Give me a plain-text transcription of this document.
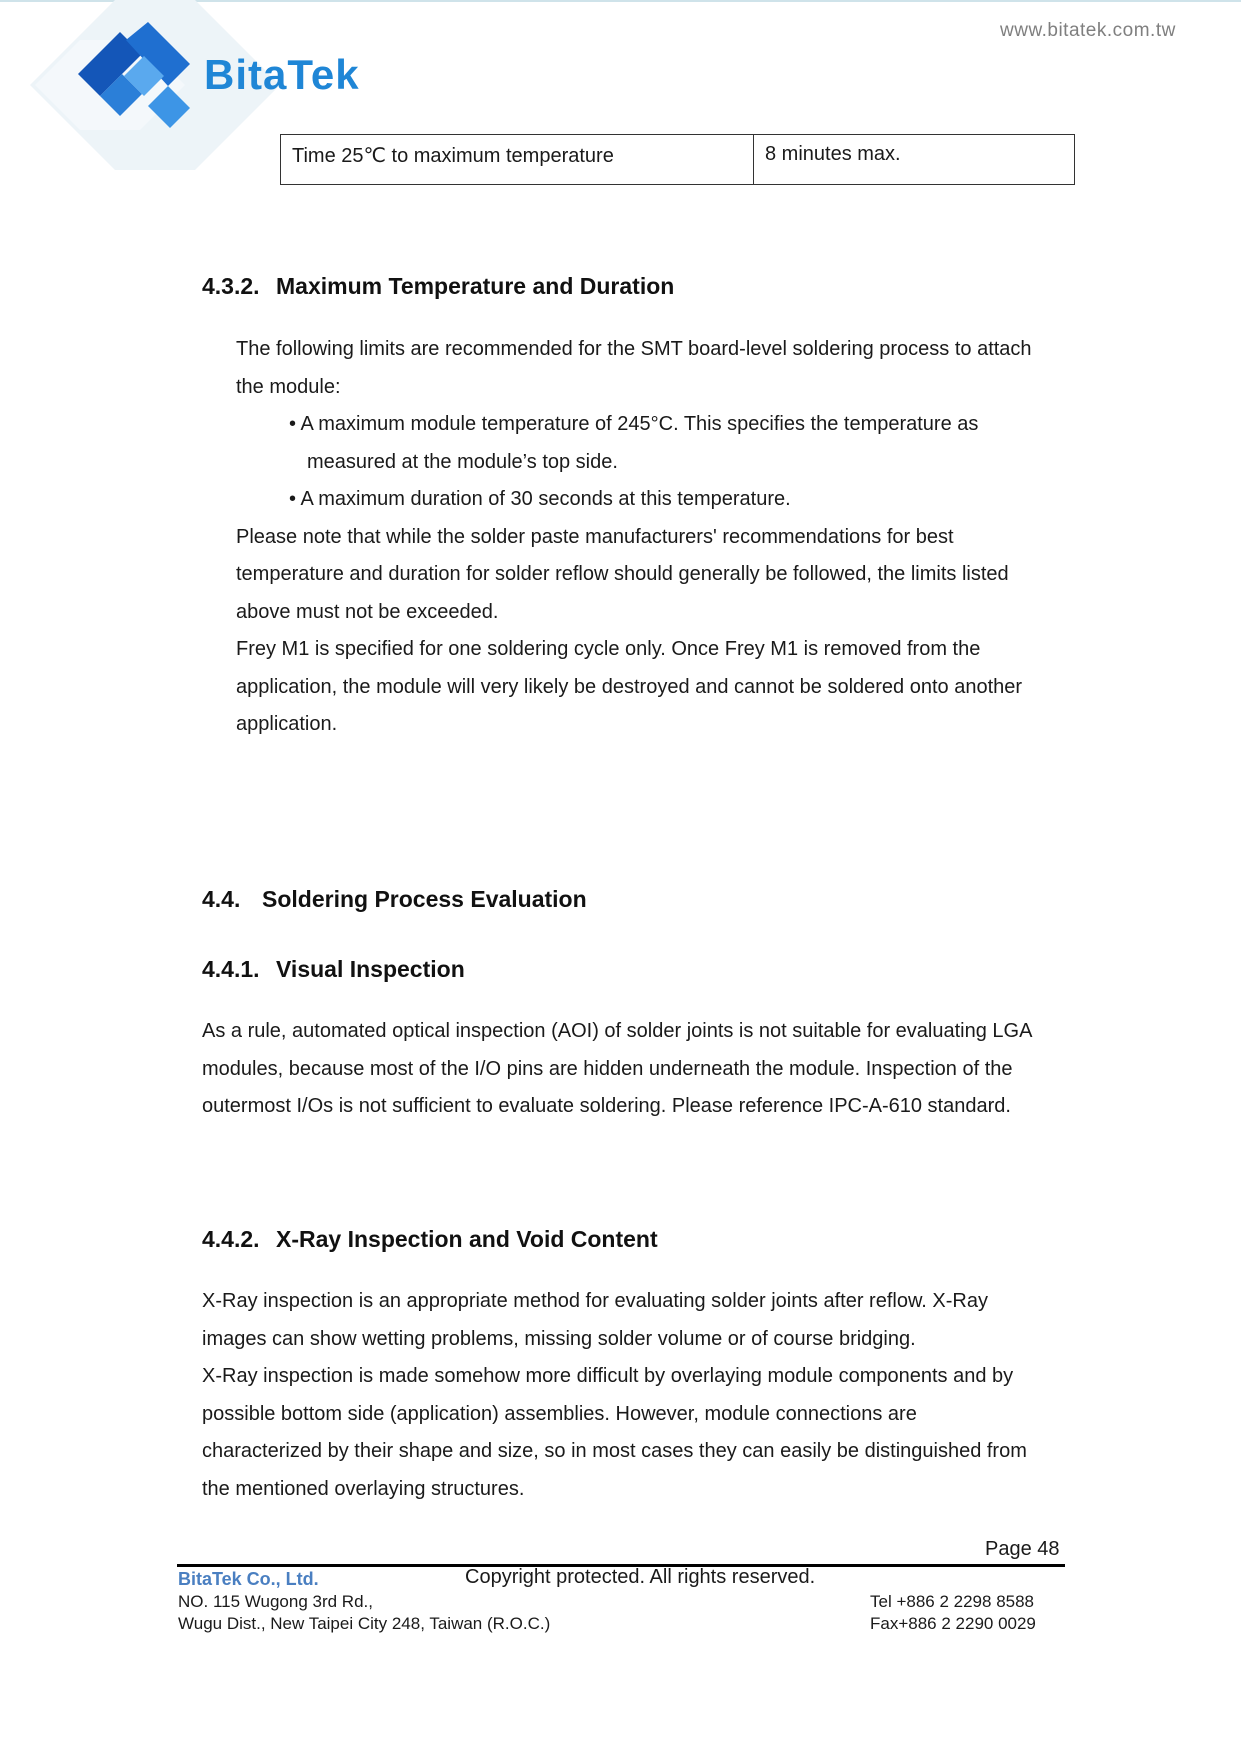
BitaTek
www.bitatek.com.tw
Time 25℃ to maximum temperature	8 minutes max.
4.3.2. Maximum Temperature and Duration
The following limits are recommended for the SMT board-level soldering process to attach
the module:
• A maximum module temperature of 245°C. This specifies the temperature as
measured at the module’s top side.
• A maximum duration of 30 seconds at this temperature.
Please note that while the solder paste manufacturers' recommendations for best
temperature and duration for solder reflow should generally be followed, the limits listed
above must not be exceeded.
Frey M1 is specified for one soldering cycle only. Once Frey M1 is removed from the
application, the module will very likely be destroyed and cannot be soldered onto another
application.
4.4. Soldering Process Evaluation
4.4.1. Visual Inspection
As a rule, automated optical inspection (AOI) of solder joints is not suitable for evaluating LGA
modules, because most of the I/O pins are hidden underneath the module. Inspection of the
outermost I/Os is not sufficient to evaluate soldering. Please reference IPC-A-610 standard.
4.4.2. X-Ray Inspection and Void Content
X-Ray inspection is an appropriate method for evaluating solder joints after reflow. X-Ray
images can show wetting problems, missing solder volume or of course bridging.
X-Ray inspection is made somehow more difficult by overlaying module components and by
possible bottom side (application) assemblies. However, module connections are
characterized by their shape and size, so in most cases they can easily be distinguished from
the mentioned overlaying structures.
Page 48
BitaTek Co., Ltd.	Copyright protected. All rights reserved.
NO. 115 Wugong 3rd Rd.,
Wugu Dist., New Taipei City 248, Taiwan (R.O.C.)
Tel +886 2 2298 8588
Fax+886 2 2290 0029
